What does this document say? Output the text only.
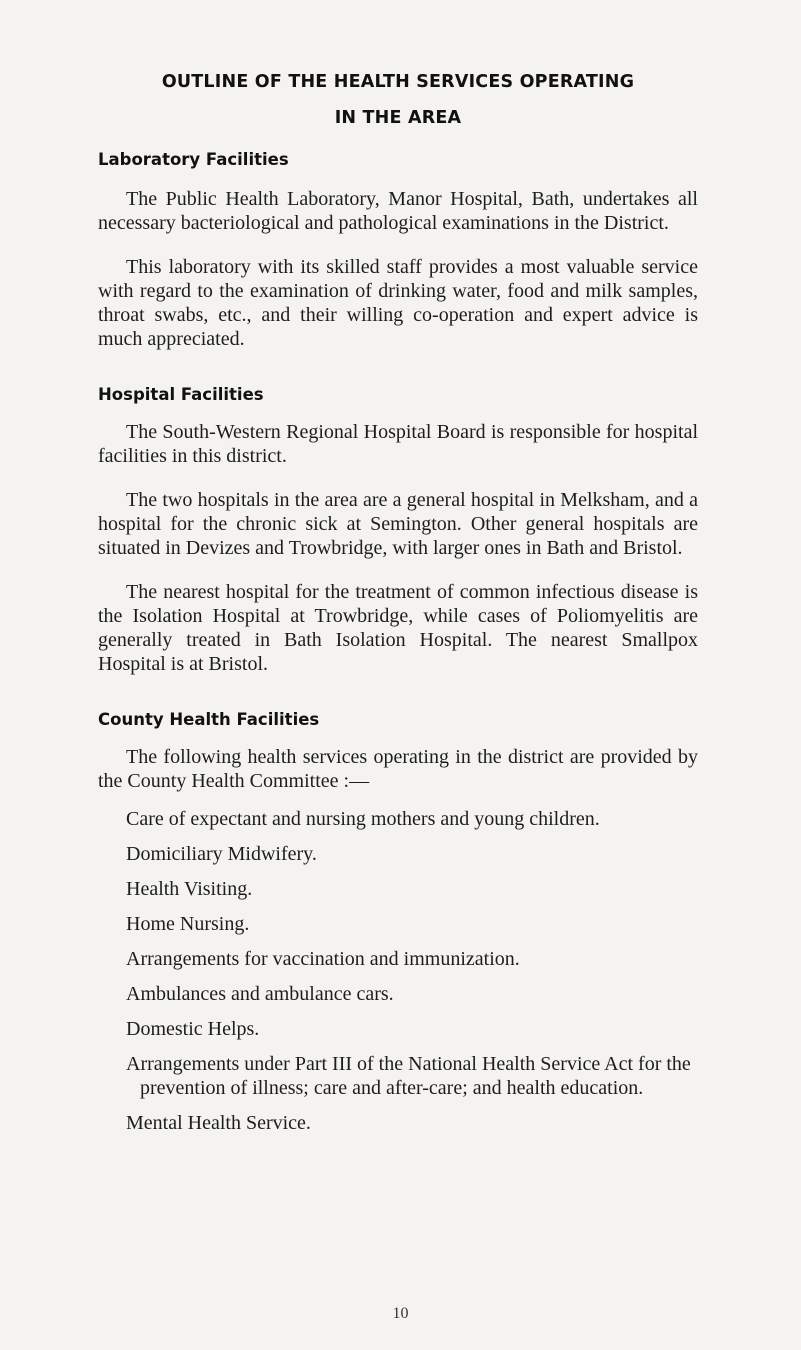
OUTLINE OF THE HEALTH SERVICES OPERATING

IN THE AREA

Laboratory Facilities

The Public Health Laboratory, Manor Hospital, Bath, undertakes all necessary bacteriological and pathological examinations in the District.

This laboratory with its skilled staff provides a most valuable service with regard to the examination of drinking water, food and milk samples, throat swabs, etc., and their willing co-operation and expert advice is much appreciated.

Hospital Facilities

The South-Western Regional Hospital Board is responsible for hospital facilities in this district.

The two hospitals in the area are a general hospital in Melksham, and a hospital for the chronic sick at Semington. Other general hospitals are situated in Devizes and Trowbridge, with larger ones in Bath and Bristol.

The nearest hospital for the treatment of common infectious disease is the Isolation Hospital at Trowbridge, while cases of Poliomyelitis are generally treated in Bath Isolation Hospital. The nearest Smallpox Hospital is at Bristol.

County Health Facilities

The following health services operating in the district are provided by the County Health Committee :—

Care of expectant and nursing mothers and young children.
Domiciliary Midwifery.
Health Visiting.
Home Nursing.
Arrangements for vaccination and immunization.
Ambulances and ambulance cars.
Domestic Helps.
Arrangements under Part III of the National Health Service Act for the prevention of illness; care and after-care; and health education.
Mental Health Service.
10
